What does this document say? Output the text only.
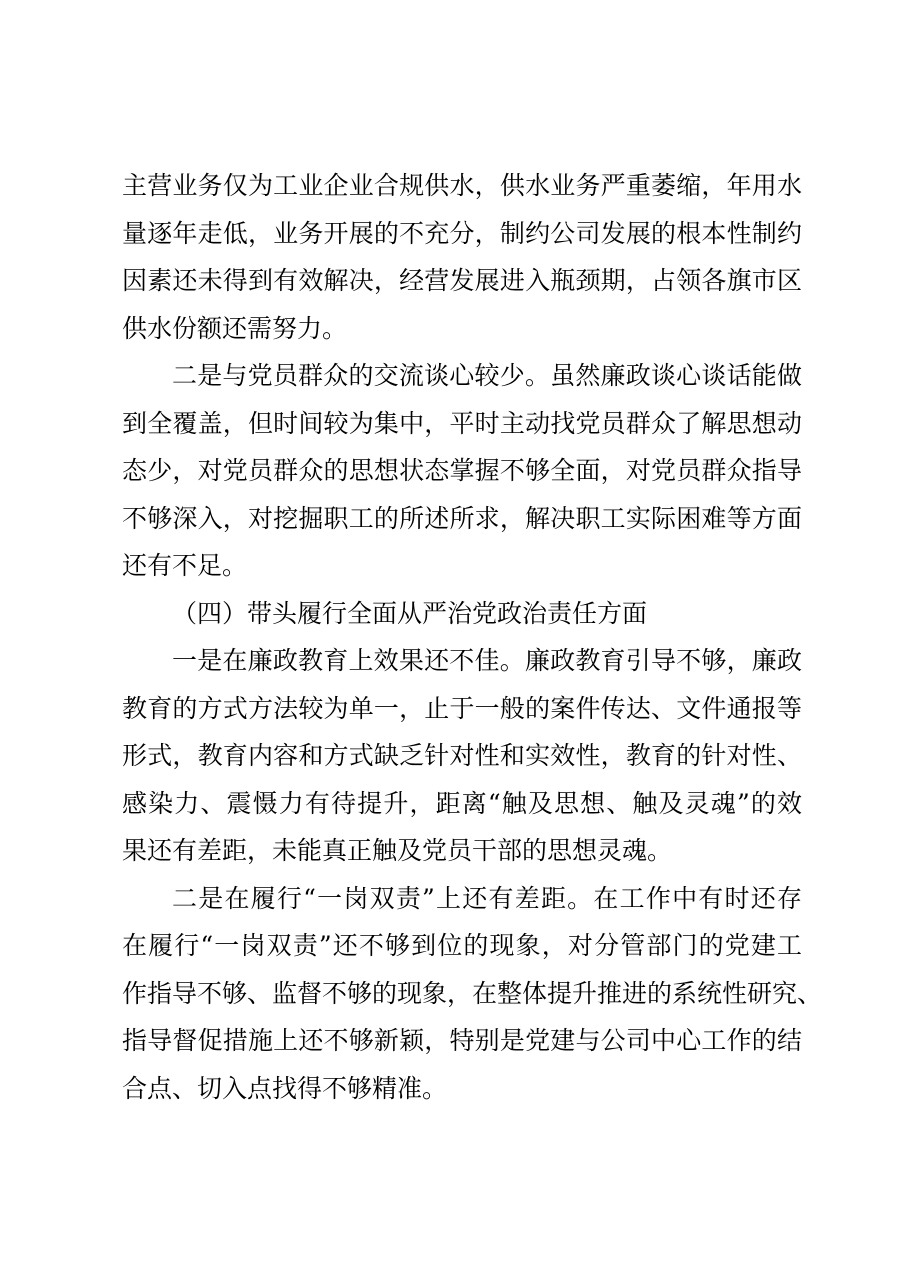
主营业务仅为工业企业合规供水，供水业务严重萎缩，年用水
量逐年走低，业务开展的不充分，制约公司发展的根本性制约
因素还未得到有效解决，经营发展进入瓶颈期，占领各旗市区
供水份额还需努力。
二是与党员群众的交流谈心较少。虽然廉政谈心谈话能做
到全覆盖，但时间较为集中，平时主动找党员群众了解思想动
态少，对党员群众的思想状态掌握不够全面，对党员群众指导
不够深入，对挖掘职工的所述所求，解决职工实际困难等方面
还有不足。
（四）带头履行全面从严治党政治责任方面
一是在廉政教育上效果还不佳。廉政教育引导不够，廉政
教育的方式方法较为单一，止于一般的案件传达、文件通报等
形式，教育内容和方式缺乏针对性和实效性，教育的针对性、
感染力、震慑力有待提升，距离“触及思想、触及灵魂”的效
果还有差距，未能真正触及党员干部的思想灵魂。
二是在履行“一岗双责”上还有差距。在工作中有时还存
在履行“一岗双责”还不够到位的现象，对分管部门的党建工
作指导不够、监督不够的现象，在整体提升推进的系统性研究、
指导督促措施上还不够新颖，特别是党建与公司中心工作的结
合点、切入点找得不够精准。
